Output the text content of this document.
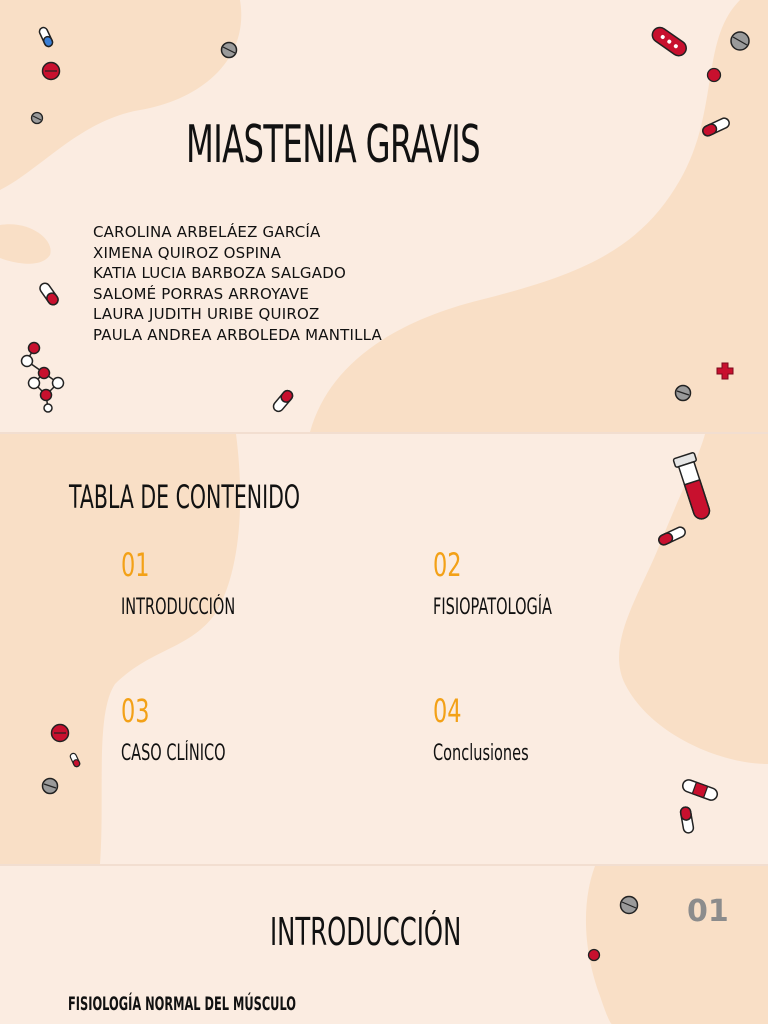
MIASTENIA GRAVIS
CAROLINA ARBELÁEZ GARCÍA
XIMENA QUIROZ OSPINA
KATIA LUCIA BARBOZA SALGADO
SALOMÉ PORRAS ARROYAVE
LAURA JUDITH URIBE QUIROZ
PAULA ANDREA ARBOLEDA MANTILLA
TABLA DE CONTENIDO
01
INTRODUCCIÓN
02
FISIOPATOLOGÍA
03
CASO CLÍNICO
04
Conclusiones
01
INTRODUCCIÓN
FISIOLOGÍA NORMAL DEL MÚSCULO
